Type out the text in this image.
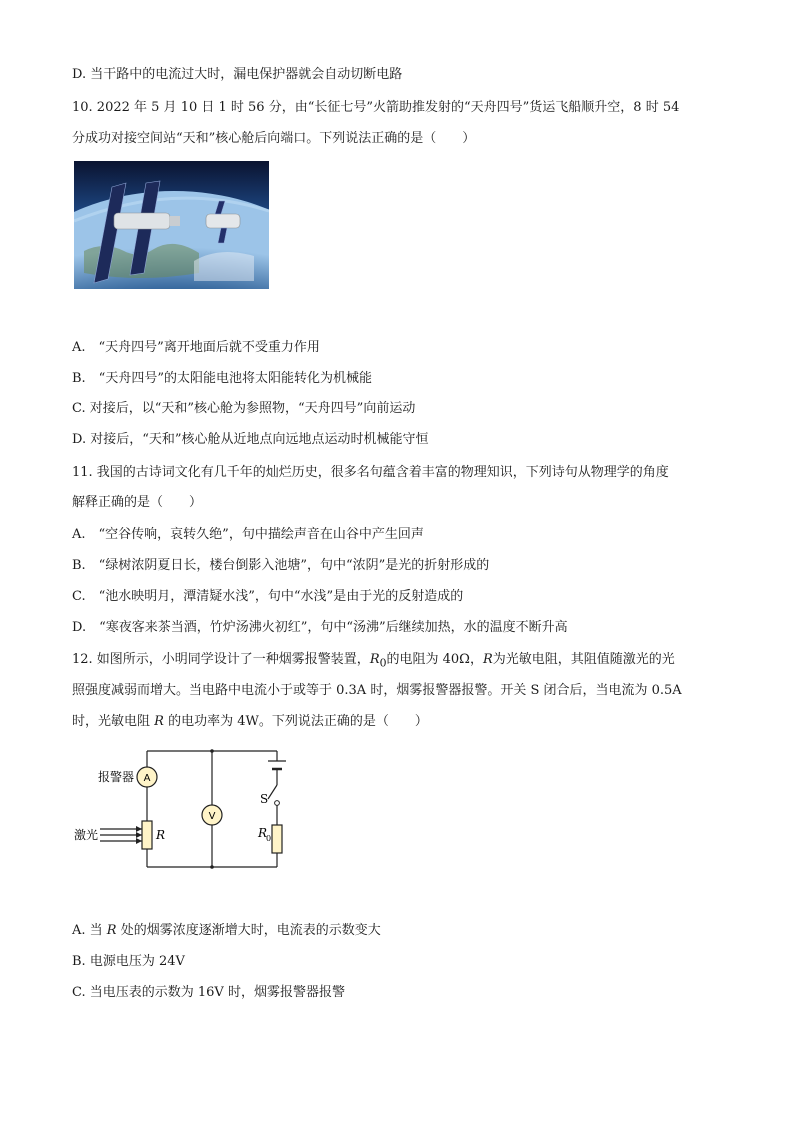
D. 当干路中的电流过大时，漏电保护器就会自动切断电路
10. 2022 年 5 月 10 日 1 时 56 分，由“长征七号”火箭助推发射的“天舟四号”货运飞船顺升空，8 时 54
分成功对接空间站“天和”核心舱后向端口。下列说法正确的是（　　）
A.　“天舟四号”离开地面后就不受重力作用
B.　“天舟四号”的太阳能电池将太阳能转化为机械能
C. 对接后，以“天和”核心舱为参照物，“天舟四号”向前运动
D. 对接后，“天和”核心舱从近地点向远地点运动时机械能守恒
11. 我国的古诗词文化有几千年的灿烂历史，很多名句蕴含着丰富的物理知识，下列诗句从物理学的角度
解释正确的是（　　）
A.　“空谷传响，哀转久绝”，句中描绘声音在山谷中产生回声
B.　“绿树浓阴夏日长，楼台倒影入池塘”，句中“浓阴”是光的折射形成的
C.　“池水映明月，潭清疑水浅”，句中“水浅”是由于光的反射造成的
D.　“寒夜客来茶当酒，竹炉汤沸火初红”，句中“汤沸”后继续加热，水的温度不断升高
12. 如图所示，小明同学设计了一种烟雾报警装置，$R_0$的电阻为 40Ω，R为光敏电阻，其阻值随激光的光
照强度减弱而增大。当电路中电流小于或等于 0.3A 时，烟雾报警器报警。开关 S 闭合后，当电流为 0.5A
时，光敏电阻 R 的电功率为 4W。下列说法正确的是（　　）
A
V
报警器
激光	R
S
R
0
A. 当 R 处的烟雾浓度逐渐增大时，电流表的示数变大
B. 电源电压为 24V
C. 当电压表的示数为 16V 时，烟雾报警器报警
